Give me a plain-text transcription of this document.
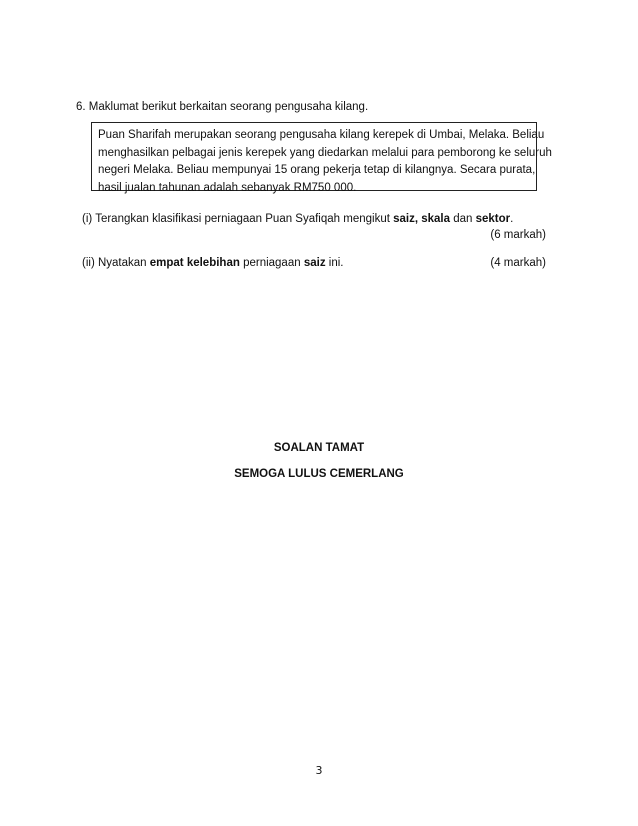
6. Maklumat berikut berkaitan seorang pengusaha kilang.
Puan Sharifah merupakan seorang pengusaha kilang kerepek di Umbai, Melaka. Beliau
menghasilkan pelbagai jenis kerepek yang diedarkan melalui para pemborong ke seluruh
negeri Melaka. Beliau mempunyai 15 orang pekerja tetap di kilangnya. Secara purata,
hasil jualan tahunan adalah sebanyak RM750 000.
(i) Terangkan klasifikasi perniagaan Puan Syafiqah mengikut saiz, skala dan sektor.
(6 markah)
(ii) Nyatakan empat kelebihan perniagaan saiz ini.	(4 markah)
SOALAN TAMAT
SEMOGA LULUS CEMERLANG
3
